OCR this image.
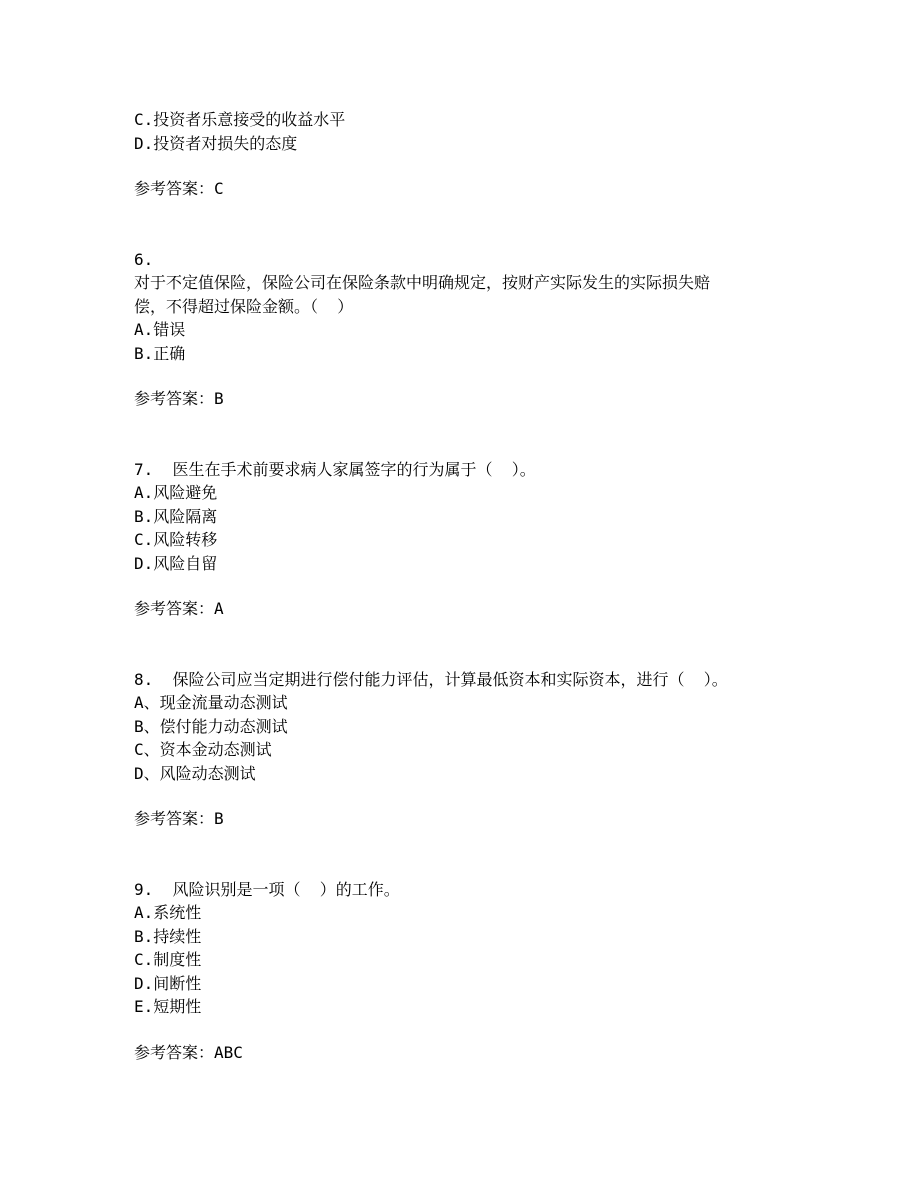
C.投资者乐意接受的收益水平
D.投资者对损失的态度
参考答案：C
6.
对于不定值保险，保险公司在保险条款中明确规定，按财产实际发生的实际损失赔
偿，不得超过保险金额。（  ）
A.错误
B.正确
参考答案：B
7. 医生在手术前要求病人家属签字的行为属于（  ）。
A.风险避免
B.风险隔离
C.风险转移
D.风险自留
参考答案：A
8. 保险公司应当定期进行偿付能力评估，计算最低资本和实际资本，进行（  ）。
A、现金流量动态测试
B、偿付能力动态测试
C、资本金动态测试
D、风险动态测试
参考答案：B
9. 风险识别是一项（  ）的工作。
A.系统性
B.持续性
C.制度性
D.间断性
E.短期性
参考答案：ABC
